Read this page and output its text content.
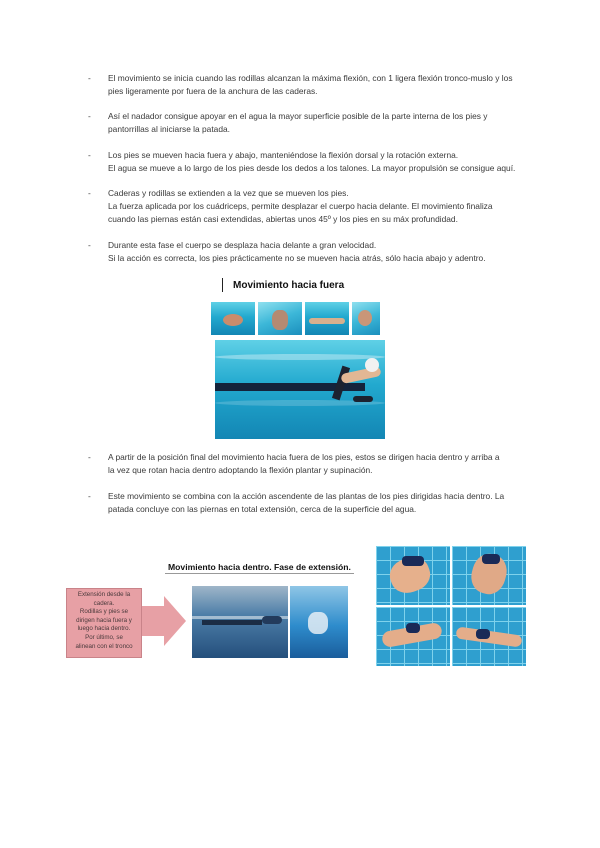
- El movimiento se inicia cuando las rodillas alcanzan la máxima flexión, con 1 ligera flexión tronco-muslo y los
pies ligeramente por fuera de la anchura de las caderas.
- Así el nadador consigue apoyar en el agua la mayor superficie posible de la parte interna de los pies y
pantorrillas al iniciarse la patada.
- Los pies se mueven hacia fuera y abajo, manteniéndose la flexión dorsal y la rotación externa.
El agua se mueve a lo largo de los pies desde los dedos a los talones. La mayor propulsión se consigue aquí.
- Caderas y rodillas se extienden a la vez que se mueven los pies.
La fuerza aplicada por los cuádriceps, permite desplazar el cuerpo hacia delante. El movimiento finaliza
cuando las piernas están casi extendidas, abiertas unos 45º y los pies en su máx profundidad.
- Durante esta fase el cuerpo se desplaza hacia delante a gran velocidad.
Si la acción es correcta, los pies prácticamente no se mueven hacia atrás, sólo hacia abajo y adentro.
Movimiento hacia fuera
- A partir de la posición final del movimiento hacia fuera de los pies, estos se dirigen hacia dentro y arriba a
la vez que rotan hacia dentro adoptando la flexión plantar y supinación.
- Este movimiento se combina con la acción ascendente de las plantas de los pies dirigidas hacia dentro. La
patada concluye con las piernas en total extensión, cerca de la superficie del agua.
Movimiento hacia dentro. Fase de extensión.
Extensión desde la
cadera.
Rodillas y pies se
dirigen hacia fuera y
luego hacia dentro.
Por último, se
alinean con el tronco
